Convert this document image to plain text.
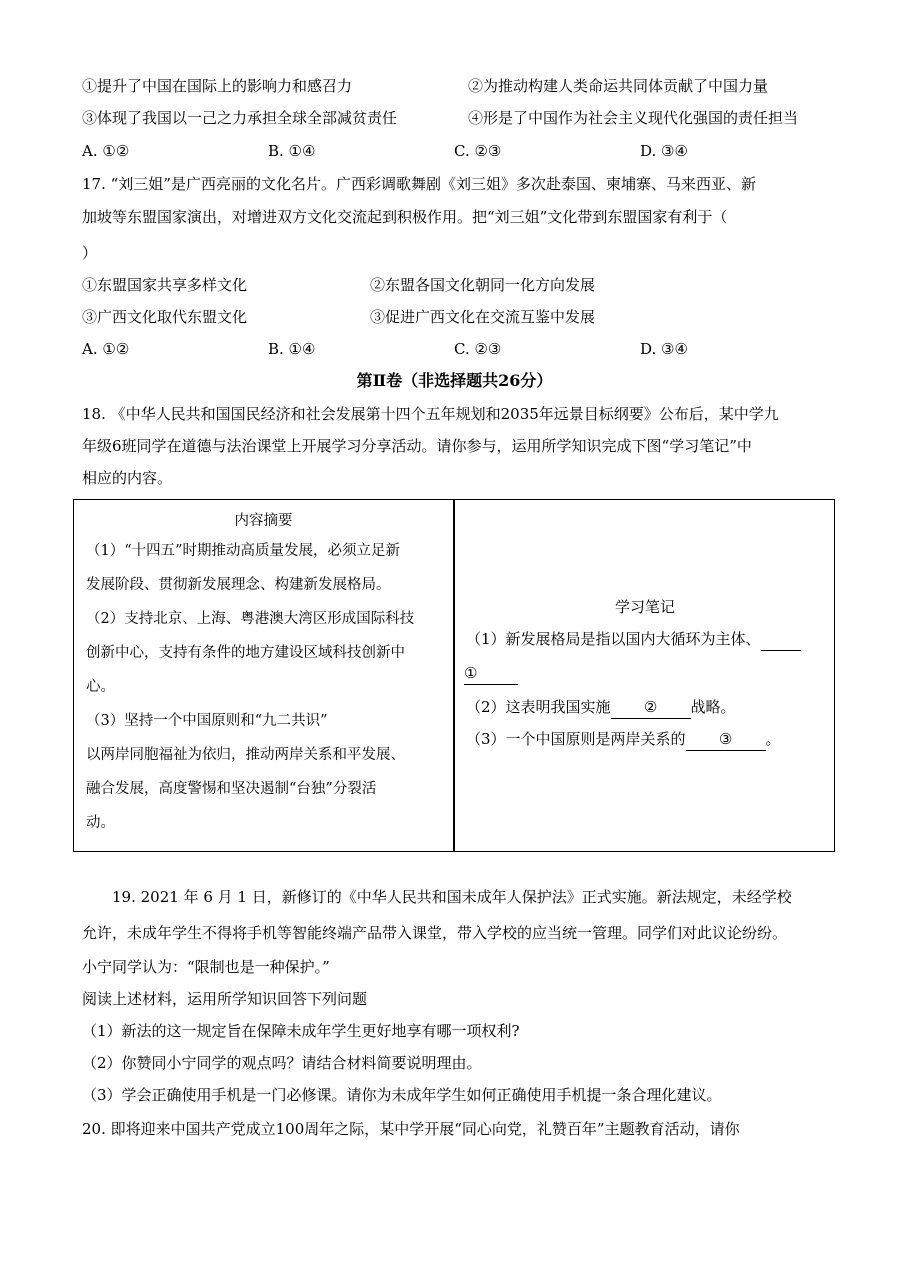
①提升了中国在国际上的影响力和感召力	②为推动构建人类命运共同体贡献了中国力量
③体现了我国以一己之力承担全球全部减贫责任	④形是了中国作为社会主义现代化强国的责任担当
A. ①②	B. ①④	C. ②③	D. ③④
17. “刘三姐”是广西亮丽的文化名片。广西彩调歌舞剧《刘三姐》多次赴泰国、柬埔寨、马来西亚、新
加坡等东盟国家演出，对增进双方文化交流起到积极作用。把“刘三姐”文化带到东盟国家有利于（
）
①东盟国家共享多样文化	②东盟各国文化朝同一化方向发展
③广西文化取代东盟文化	③促进广西文化在交流互鉴中发展
A. ①②	B. ①④	C. ②③	D. ③④
第Ⅱ卷（非选择题共26分）
18. 《中华人民共和国国民经济和社会发展第十四个五年规划和2035年远景目标纲要》公布后，某中学九
年级6班同学在道德与法治课堂上开展学习分享活动。请你参与，运用所学知识完成下图“学习笔记”中
相应的内容。
内容摘要
（1）“十四五”时期推动高质量发展，必须立足新
发展阶段、贯彻新发展理念、构建新发展格局。
（2）支持北京、上海、粤港澳大湾区形成国际科技
创新中心，支持有条件的地方建设区域科技创新中
心。
（3）坚持一个中国原则和“九二共识”
以两岸同胞福祉为依归，推动两岸关系和平发展、
融合发展，高度警惕和坚决遏制“台独”分裂活
动。
学习笔记
（1）新发展格局是指以国内大循环为主体、
①
（2）这表明我国实施 ② 战略。
（3）一个中国原则是两岸关系的 ③ 。
19. 2021 年 6 月 1 日，新修订的《中华人民共和国未成年人保护法》正式实施。新法规定，未经学校
允许，未成年学生不得将手机等智能终端产品带入课堂，带入学校的应当统一管理。同学们对此议论纷纷。
小宁同学认为：“限制也是一种保护。”
阅读上述材料，运用所学知识回答下列问题
（1）新法的这一规定旨在保障未成年学生更好地享有哪一项权利?
（2）你赞同小宁同学的观点吗？请结合材料简要说明理由。
（3）学会正确使用手机是一门必修课。请你为未成年学生如何正确使用手机提一条合理化建议。
20. 即将迎来中国共产党成立100周年之际，某中学开展“同心向党，礼赞百年”主题教育活动，请你
